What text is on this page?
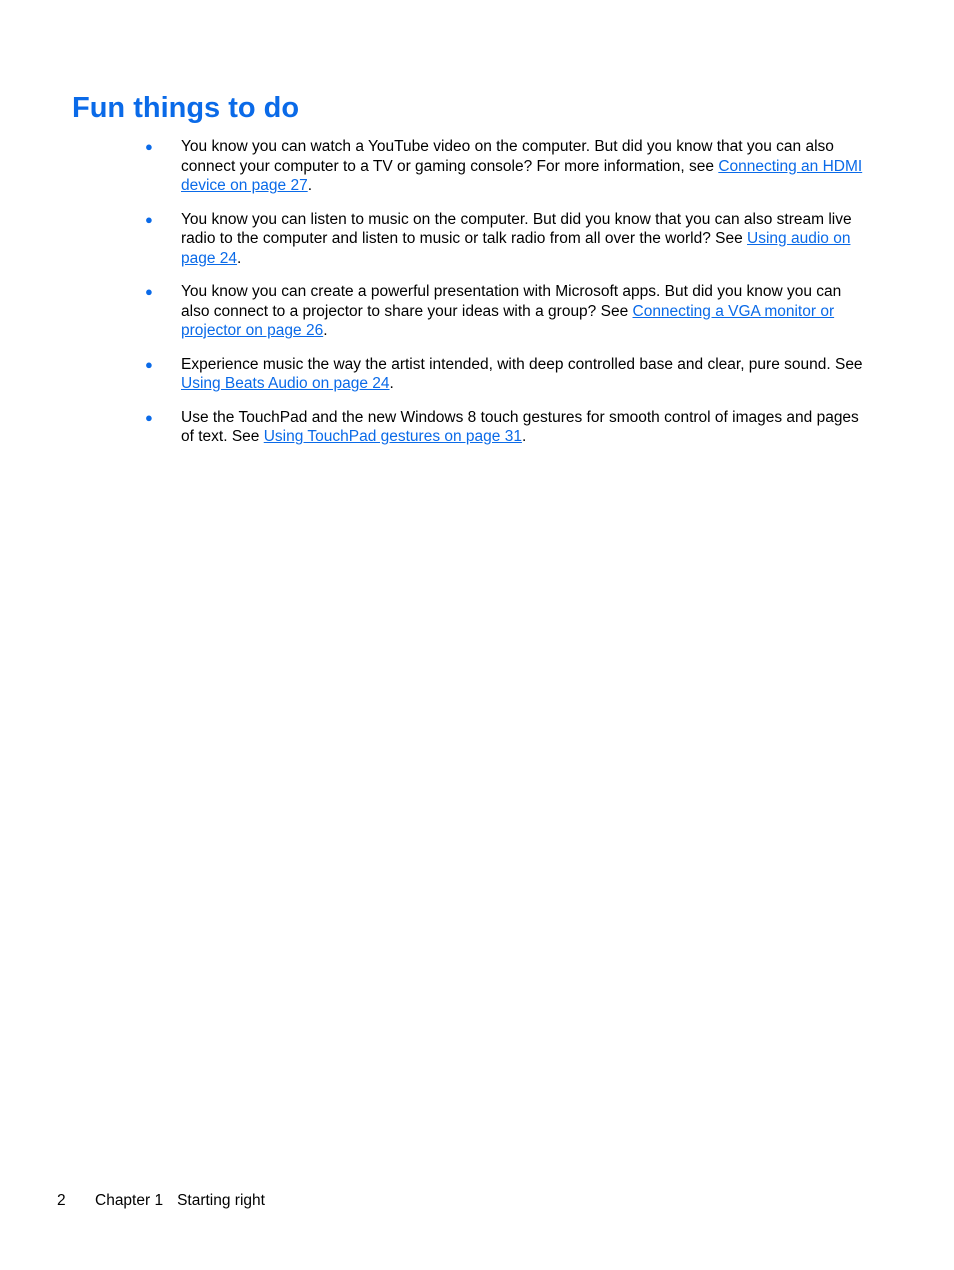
Fun things to do
● You know you can watch a YouTube video on the computer. But did you know that you can also connect your computer to a TV or gaming console? For more information, see Connecting an HDMI device on page 27.
● You know you can listen to music on the computer. But did you know that you can also stream live radio to the computer and listen to music or talk radio from all over the world? See Using audio on page 24.
● You know you can create a powerful presentation with Microsoft apps. But did you know you can also connect to a projector to share your ideas with a group? See Connecting a VGA monitor or projector on page 26.
● Experience music the way the artist intended, with deep controlled base and clear, pure sound. See Using Beats Audio on page 24.
● Use the TouchPad and the new Windows 8 touch gestures for smooth control of images and pages of text. See Using TouchPad gestures on page 31.
2 Chapter 1 Starting right
